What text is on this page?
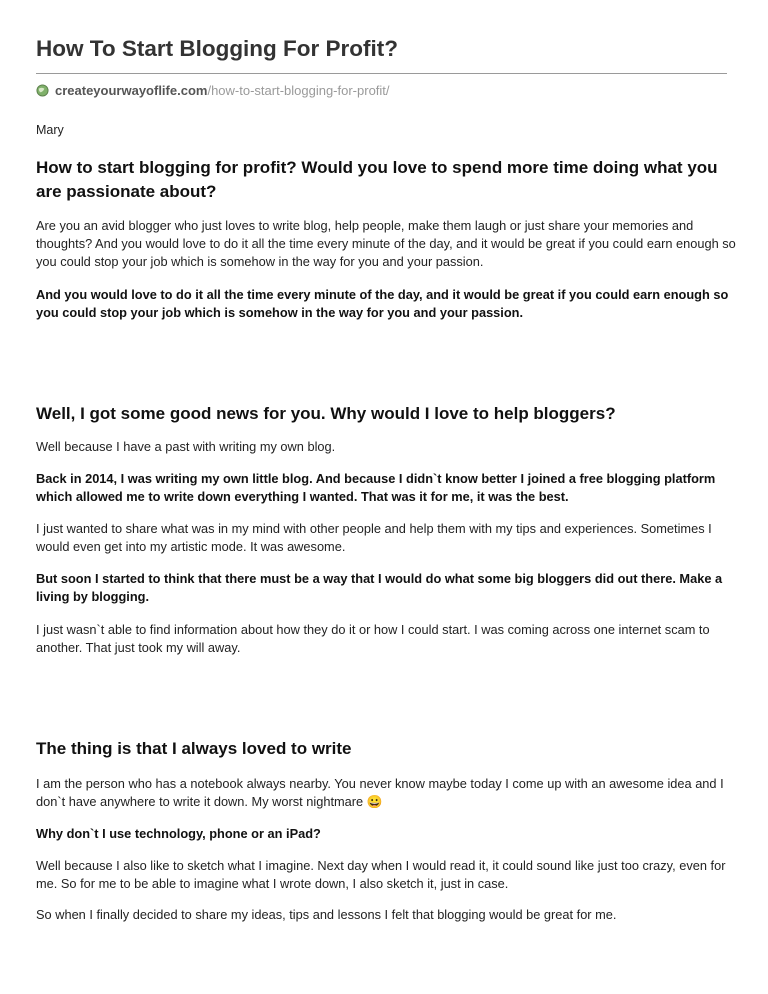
How To Start Blogging For Profit?
createyourwayoflife.com /how-to-start-blogging-for-profit/
Mary
How to start blogging for profit? Would you love to spend more time doing what you are passionate about?

Are you an avid blogger who just loves to write blog, help people, make them laugh or just share your memories and thoughts? And you would love to do it all the time every minute of the day, and it would be great if you could earn enough so you could stop your job which is somehow in the way for you and your passion.

And you would love to do it all the time every minute of the day, and it would be great if you could earn enough so you could stop your job which is somehow in the way for you and your passion.

Well, I got some good news for you. Why would I love to help bloggers?

Well because I have a past with writing my own blog.

Back in 2014, I was writing my own little blog. And because I didn`t know better I joined a free blogging platform which allowed me to write down everything I wanted. That was it for me, it was the best.

I just wanted to share what was in my mind with other people and help them with my tips and experiences. Sometimes I would even get into my artistic mode. It was awesome.

But soon I started to think that there must be a way that I would do what some big bloggers did out there. Make a living by blogging.

I just wasn`t able to find information about how they do it or how I could start. I was coming across one internet scam to another. That just took my will away.

The thing is that I always loved to write

I am the person who has a notebook always nearby. You never know maybe today I come up with an awesome idea and I don`t have anywhere to write it down. My worst nightmare 😀

Why don`t I use technology, phone or an iPad?

Well because I also like to sketch what I imagine. Next day when I would read it, it could sound like just too crazy, even for me. So for me to be able to imagine what I wrote down, I also sketch it, just in case.

So when I finally decided to share my ideas, tips and lessons I felt that blogging would be great for me.
